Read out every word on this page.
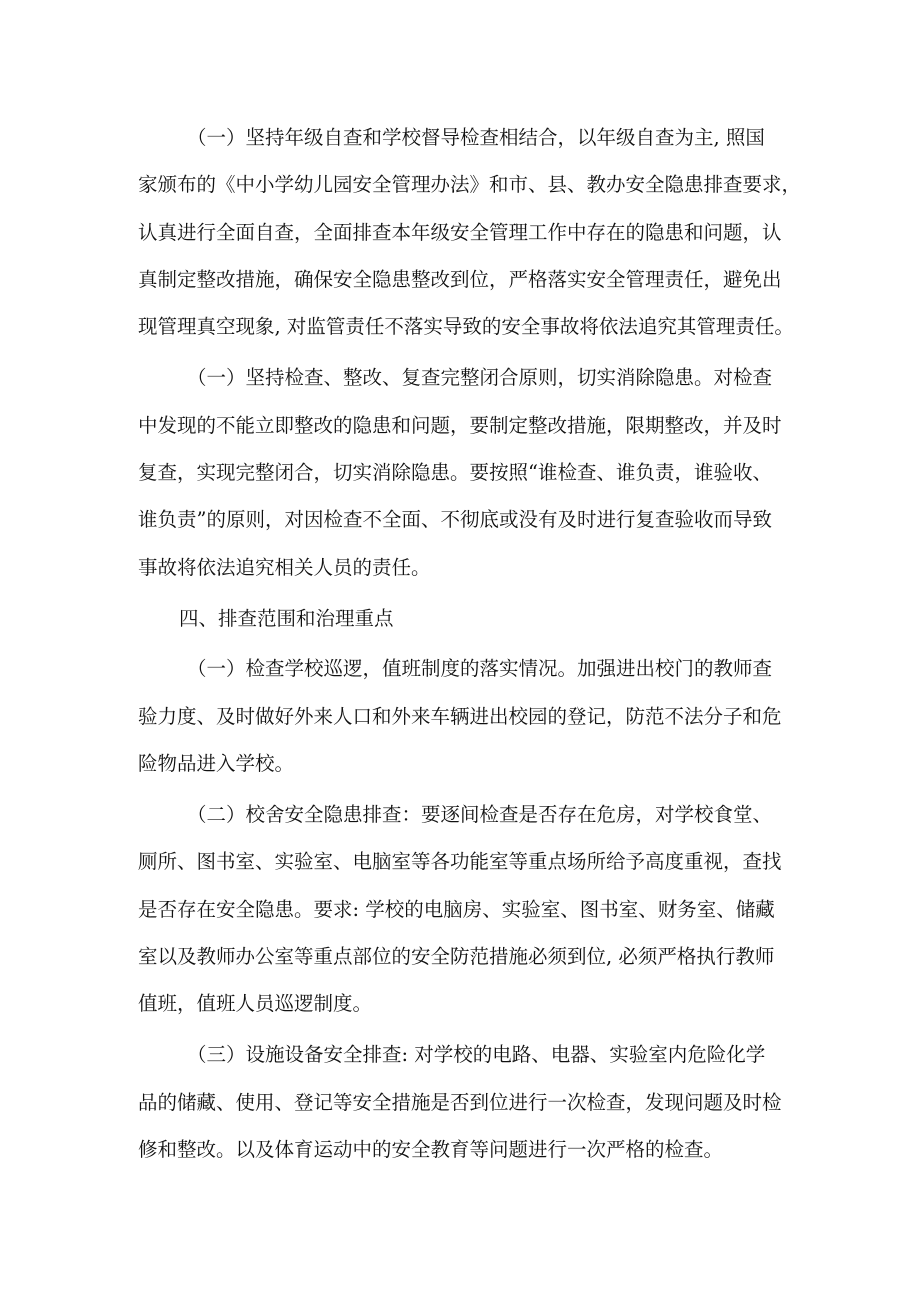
（一）坚持年级自查和学校督导检查相结合，以年级自查为主, 照国

家颁布的《中小学幼儿园安全管理办法》和市、县、教办安全隐患排查要求，

认真进行全面自查，全面排查本年级安全管理工作中存在的隐患和问题，认

真制定整改措施，确保安全隐患整改到位，严格落实安全管理责任，避免出

现管理真空现象, 对监管责任不落实导致的安全事故将依法追究其管理责任。

（一）坚持检查、整改、复查完整闭合原则，切实消除隐患。对检查

中发现的不能立即整改的隐患和问题，要制定整改措施，限期整改，并及时

复查，实现完整闭合，切实消除隐患。要按照“谁检查、谁负责，谁验收、

谁负责”的原则，对因检查不全面、不彻底或没有及时进行复查验收而导致

事故将依法追究相关人员的责任。

四、排查范围和治理重点

（一）检查学校巡逻，值班制度的落实情况。加强进出校门的教师查

验力度、及时做好外来人口和外来车辆进出校园的登记，防范不法分子和危

险物品进入学校。

（二）校舍安全隐患排查：要逐间检查是否存在危房，对学校食堂、

厕所、图书室、实验室、电脑室等各功能室等重点场所给予高度重视，查找

是否存在安全隐患。要求: 学校的电脑房、实验室、图书室、财务室、储藏

室以及教师办公室等重点部位的安全防范措施必须到位, 必须严格执行教师

值班，值班人员巡逻制度。

（三）设施设备安全排查: 对学校的电路、电器、实验室内危险化学

品的储藏、使用、登记等安全措施是否到位进行一次检查，发现问题及时检

修和整改。以及体育运动中的安全教育等问题进行一次严格的检查。
